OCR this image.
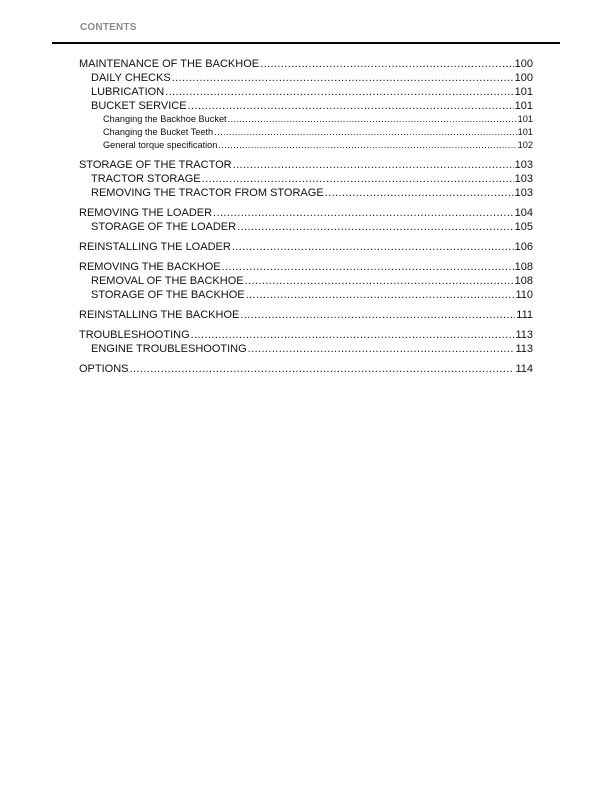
CONTENTS
MAINTENANCE OF THE BACKHOE .....	100
DAILY CHECKS .....	100
LUBRICATION .....	101
BUCKET SERVICE .....	101
Changing the Backhoe Bucket .....	101
Changing the Bucket Teeth .....	101
General torque specification .....	102
STORAGE OF THE TRACTOR .....	103
TRACTOR STORAGE .....	103
REMOVING THE TRACTOR FROM STORAGE .....	103
REMOVING THE LOADER .....	104
STORAGE OF THE LOADER .....	105
REINSTALLING THE LOADER .....	106
REMOVING THE BACKHOE .....	108
REMOVAL OF THE BACKHOE .....	108
STORAGE OF THE BACKHOE .....	110
REINSTALLING THE BACKHOE .....	111
TROUBLESHOOTING .....	113
ENGINE TROUBLESHOOTING .....	113
OPTIONS .....	114
